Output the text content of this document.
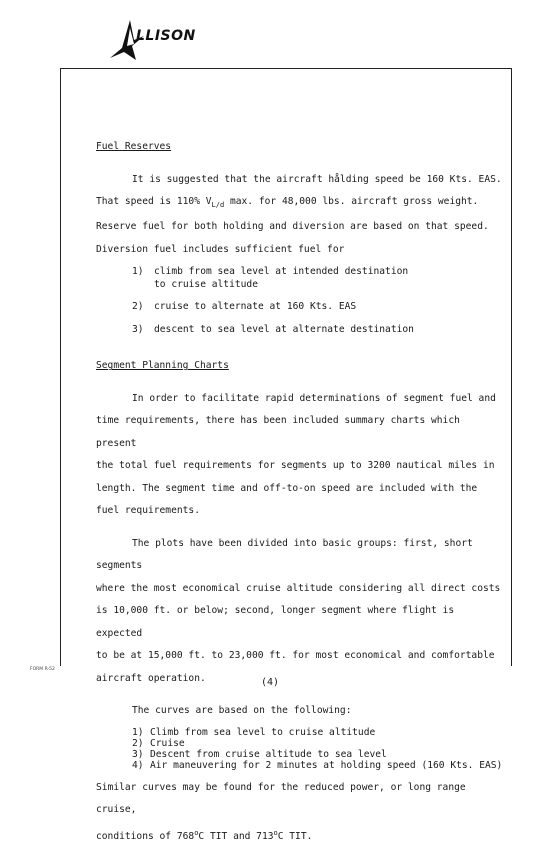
LLISON

Fuel Reserves

It is suggested that the aircraft hålding speed be 160 Kts. EAS.

That speed is 110% $V_{L/d}$ max. for 48,000 lbs. aircraft gross weight.

Reserve fuel for both holding and diversion are based on that speed.

Diversion fuel includes sufficient fuel for

1)	climb from sea level at intended destination
to cruise altitude
2)	cruise to alternate at 160 Kts. EAS
3)	descent to sea level at alternate destination

Segment Planning Charts

In order to facilitate rapid determinations of segment fuel and

time requirements, there has been included summary charts which present

the total fuel requirements for segments up to 3200 nautical miles in

length. The segment time and off-to-on speed are included with the

fuel requirements.

The plots have been divided into basic groups: first, short segments

where the most economical cruise altitude considering all direct costs

is 10,000 ft. or below; second, longer segment where flight is expected

to be at 15,000 ft. to 23,000 ft. for most economical and comfortable

aircraft operation.

The curves are based on the following:

1) Climb from sea level to cruise altitude
2) Cruise
3) Descent from cruise altitude to sea level
4) Air maneuvering for 2 minutes at holding speed (160 Kts. EAS)

Similar curves may be found for the reduced power, or long range cruise,

conditions of 768$^o$C TIT and 713$^o$C TIT.

FORM R-52
(4)
